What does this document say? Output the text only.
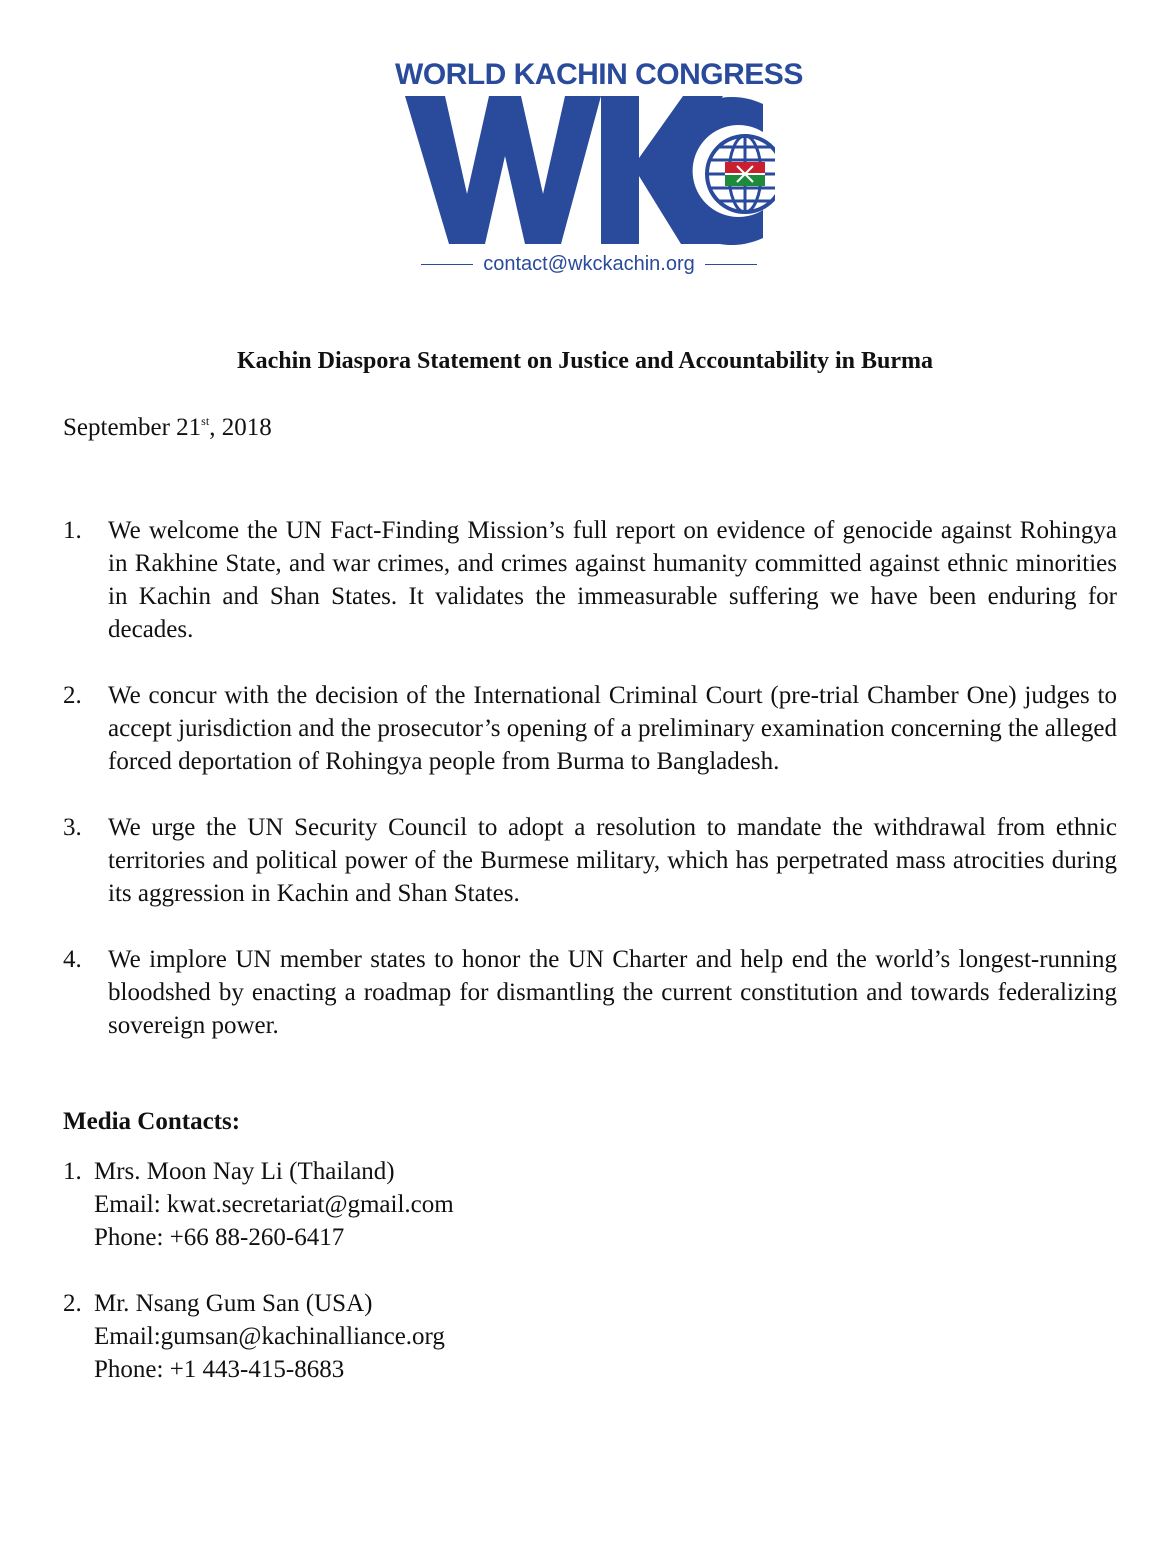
WORLD KACHIN CONGRESS
contact@wkckachin.org
Kachin Diaspora Statement on Justice and Accountability in Burma
September 21st, 2018
1. We welcome the UN Fact-Finding Mission’s full report on evidence of genocide against Rohingya in Rakhine State, and war crimes, and crimes against humanity committed against ethnic minorities in Kachin and Shan States. It validates the immeasurable suffering we have been enduring for decades.
2. We concur with the decision of the International Criminal Court (pre-trial Chamber One) judges to accept jurisdiction and the prosecutor’s opening of a preliminary examination concerning the alleged forced deportation of Rohingya people from Burma to Bangladesh.
3. We urge the UN Security Council to adopt a resolution to mandate the withdrawal from ethnic territories and political power of the Burmese military, which has perpetrated mass atrocities during its aggression in Kachin and Shan States.
4. We implore UN member states to honor the UN Charter and help end the world’s longest-running bloodshed by enacting a roadmap for dismantling the current constitution and towards federalizing sovereign power.
Media Contacts:
1. Mrs. Moon Nay Li (Thailand)
Email: kwat.secretariat@gmail.com
Phone: +66 88-260-6417
2. Mr. Nsang Gum San (USA)
Email:gumsan@kachinalliance.org
Phone: +1 443-415-8683
